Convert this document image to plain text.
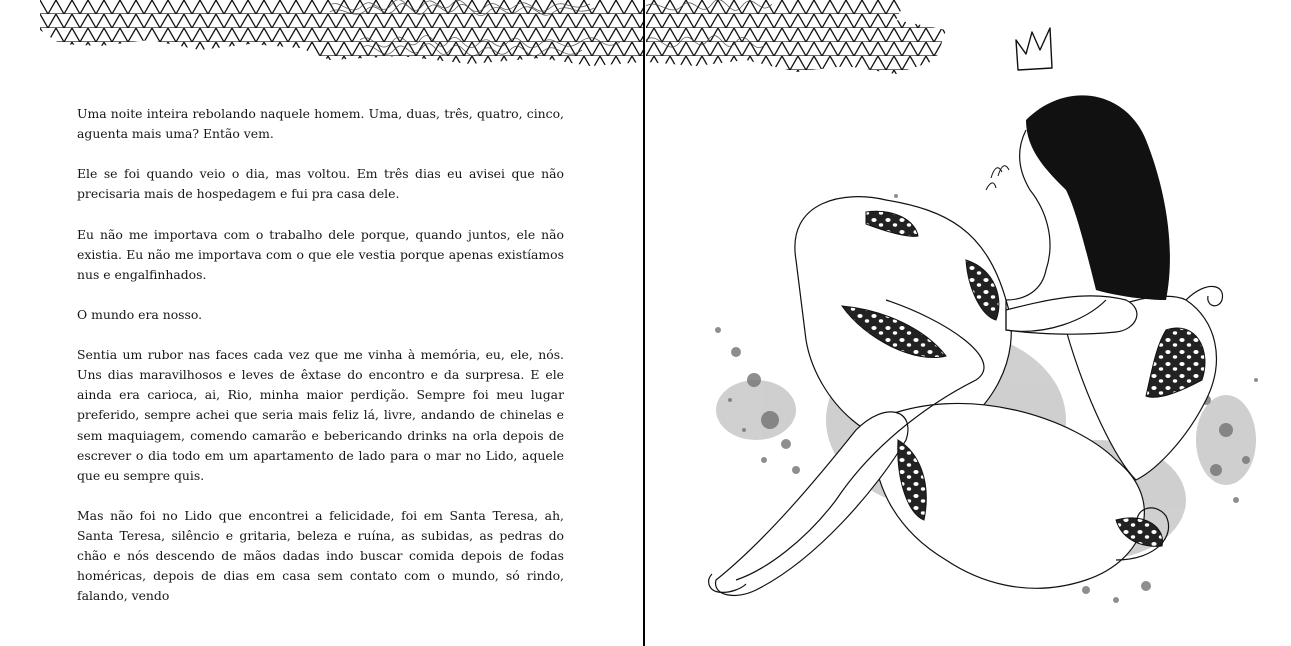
Uma noite inteira rebolando naquele homem. Uma, duas, três, quatro, cinco, aguenta mais uma? Então vem.

Ele se foi quando veio o dia, mas voltou. Em três dias eu avisei que não precisaria mais de hospedagem e fui pra casa dele.

Eu não me importava com o trabalho dele porque, quando juntos, ele não existia. Eu não me importava com o que ele vestia porque apenas existíamos nus e engalfinhados.

O mundo era nosso.

Sentia um rubor nas faces cada vez que me vinha à memória, eu, ele, nós. Uns dias maravilhosos e leves de êxtase do encontro e da surpresa. E ele ainda era carioca, ai, Rio, minha maior perdição. Sempre foi meu lugar preferido, sempre achei que seria mais feliz lá, livre, andando de chinelas e sem maquiagem, comendo camarão e bebericando drinks na orla depois de escrever o dia todo em um apartamento de lado para o mar no Lido, aquele que eu sempre quis.

Mas não foi no Lido que encontrei a felicidade, foi em Santa Teresa, ah, Santa Teresa, silêncio e gritaria, beleza e ruína, as subidas, as pedras do chão e nós descendo de mãos dadas indo buscar comida depois de fodas homéricas, depois de dias em casa sem contato com o mundo, só rindo, falando, vendo
